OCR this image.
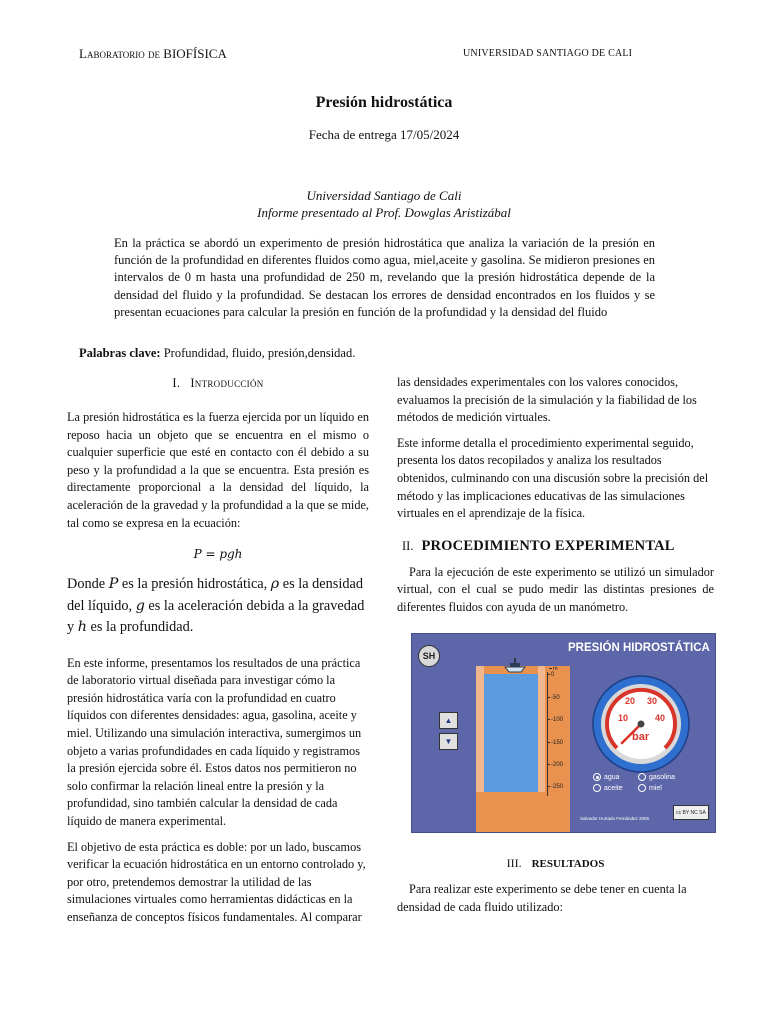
Laboratorio de BIOFÍSICA	UNIVERSIDAD SANTIAGO DE CALI
Presión hidrostática
Fecha de entrega 17/05/2024
Universidad Santiago de Cali
Informe presentado al Prof. Dowglas Aristizábal
En la práctica se abordó un experimento de presión hidrostática que analiza la variación de la presión en función de la profundidad en diferentes fluidos como agua, miel,aceite y gasolina. Se midieron presiones en intervalos de 0 m hasta una profundidad de 250 m, revelando que la presión hidrostática depende de la densidad del fluido y la profundidad. Se destacan los errores de densidad encontrados en los fluidos y se presentan ecuaciones para calcular la presión en función de la profundidad y la densidad del fluido
Palabras clave: Profundidad, fluido, presión,densidad.
I. Introducción

La presión hidrostática es la fuerza ejercida por un líquido en reposo hacia un objeto que se encuentra en el mismo o cualquier superficie que esté en contacto con él debido a su peso y la profundidad a la que se encuentra. Esta presión es directamente proporcional a la densidad del líquido, la aceleración de la gravedad y la profundidad a la que se mide, tal como se expresa en la ecuación:

P = pgh

Donde P es la presión hidrostática, ρ es la densidad del líquido, g es la aceleración debida a la gravedad y h es la profundidad.

En este informe, presentamos los resultados de una práctica de laboratorio virtual diseñada para investigar cómo la presión hidrostática varía con la profundidad en cuatro líquidos con diferentes densidades: agua, gasolina, aceite y miel. Utilizando una simulación interactiva, sumergimos un objeto a varias profundidades en cada líquido y registramos la presión ejercida sobre él. Estos datos nos permitieron no solo confirmar la relación lineal entre la presión y la profundidad, sino también calcular la densidad de cada líquido de manera experimental.

El objetivo de esta práctica es doble: por un lado, buscamos verificar la ecuación hidrostática en un entorno controlado y, por otro, pretendemos demostrar la utilidad de las simulaciones virtuales como herramientas didácticas en la enseñanza de conceptos físicos fundamentales. Al comparar

las densidades experimentales con los valores conocidos, evaluamos la precisión de la simulación y la fiabilidad de los métodos de medición virtuales.

Este informe detalla el procedimiento experimental seguido, presenta los datos recopilados y analiza los resultados obtenidos, culminando con una discusión sobre la precisión del método y las implicaciones educativas de las simulaciones virtuales en el aprendizaje de la física.

II. PROCEDIMIENTO EXPERIMENTAL

Para la ejecución de este experimento se utilizó un simulador virtual, con el cual se pudo medir las distintas presiones de diferentes fluidos con ayuda de un manómetro.

SH
PRESIÓN HIDROSTÁTICA
▲
▼
m
0
-50
-100
-150
-200
-250
10
20 30
40
bar
agua	gasolina
aceite	miel
Salvador Hurtado Fernández 2005
cc BY NC SA
III. RESULTADOS

Para realizar este experimento se debe tener en cuenta la densidad de cada fluido utilizado:
